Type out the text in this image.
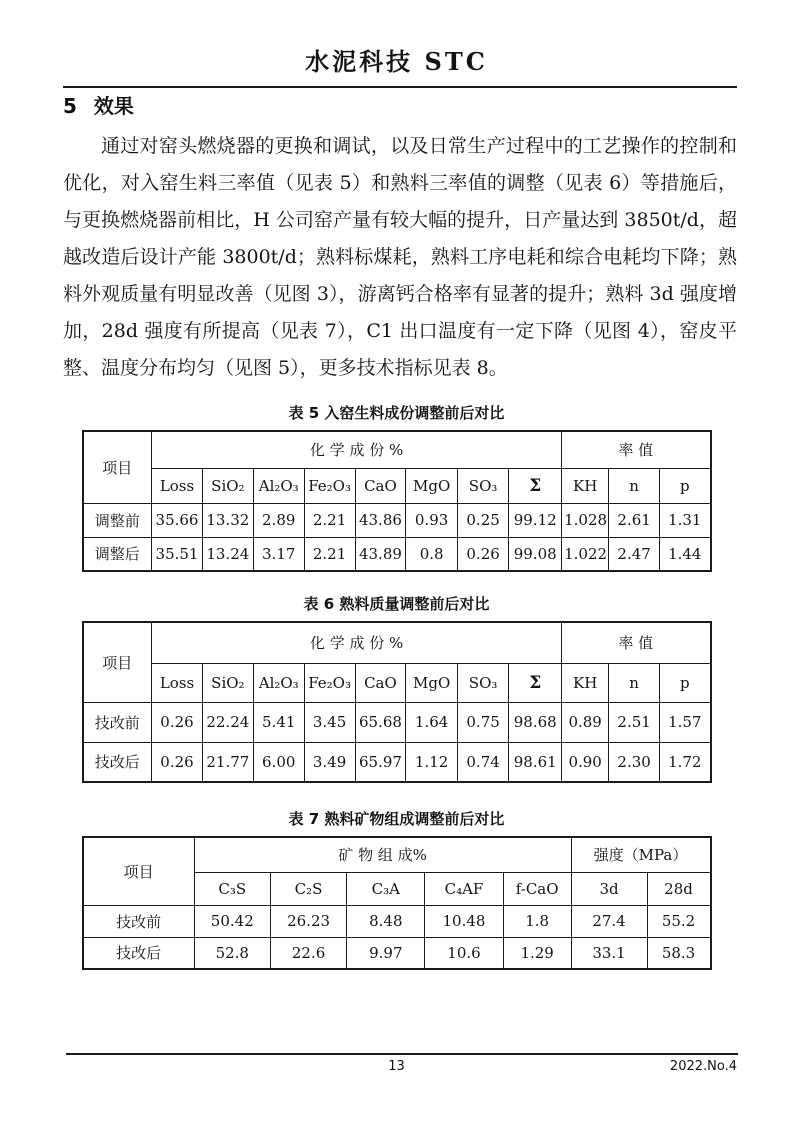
水泥科技 STC
5 效果

通过对窑头燃烧器的更换和调试，以及日常生产过程中的工艺操作的控制和优化，对入窑生料三率值（见表 5）和熟料三率值的调整（见表 6）等措施后，与更换燃烧器前相比，H 公司窑产量有较大幅的提升，日产量达到 3850t/d，超越改造后设计产能 3800t/d；熟料标煤耗，熟料工序电耗和综合电耗均下降；熟料外观质量有明显改善（见图 3），游离钙合格率有显著的提升；熟料 3d 强度增加，28d 强度有所提高（见表 7），C1 出口温度有一定下降（见图 4），窑皮平整、温度分布均匀（见图 5），更多技术指标见表 8。

表 5 入窑生料成份调整前后对比
项目	化 学 成 份 %								率 值		
	Loss	SiO₂	Al₂O₃	Fe₂O₃	CaO	MgO	SO₃	Σ	KH	n	p
调整前	35.66	13.32	2.89	2.21	43.86	0.93	0.25	99.12	1.028	2.61	1.31
调整后	35.51	13.24	3.17	2.21	43.89	0.8	0.26	99.08	1.022	2.47	1.44
表 6 熟料质量调整前后对比
项目	化 学 成 份 %								率 值		
	Loss	SiO₂	Al₂O₃	Fe₂O₃	CaO	MgO	SO₃	Σ	KH	n	p
技改前	0.26	22.24	5.41	3.45	65.68	1.64	0.75	98.68	0.89	2.51	1.57
技改后	0.26	21.77	6.00	3.49	65.97	1.12	0.74	98.61	0.90	2.30	1.72
表 7 熟料矿物组成调整前后对比
项目	矿 物 组 成%					强度（MPa）	
	C₃S	C₂S	C₃A	C₄AF	f-CaO	3d	28d
技改前	50.42	26.23	8.48	10.48	1.8	27.4	55.2
技改后	52.8	22.6	9.97	10.6	1.29	33.1	58.3
13	2022.No.4
